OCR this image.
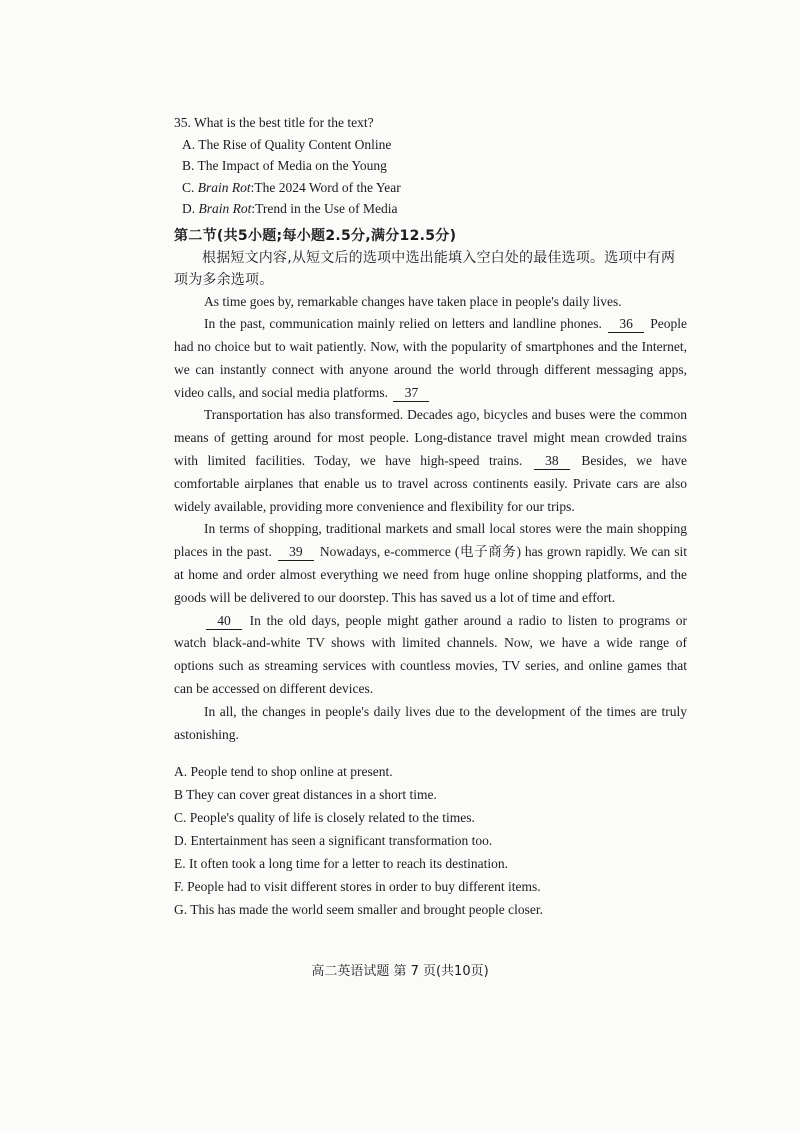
35. What is the best title for the text?

A. The Rise of Quality Content Online

B. The Impact of Media on the Young

C. Brain Rot:The 2024 Word of the Year

D. Brain Rot:Trend in the Use of Media

第二节(共5小题;每小题2.5分,满分12.5分)

根据短文内容,从短文后的选项中选出能填入空白处的最佳选项。选项中有两项为多余选项。

As time goes by, remarkable changes have taken place in people's daily lives.

In the past, communication mainly relied on letters and landline phones. 36 People had no choice but to wait patiently. Now, with the popularity of smartphones and the Internet, we can instantly connect with anyone around the world through different messaging apps, video calls, and social media platforms. 37

Transportation has also transformed. Decades ago, bicycles and buses were the common means of getting around for most people. Long-distance travel might mean crowded trains with limited facilities. Today, we have high-speed trains. 38 Besides, we have comfortable airplanes that enable us to travel across continents easily. Private cars are also widely available, providing more convenience and flexibility for our trips.

In terms of shopping, traditional markets and small local stores were the main shopping places in the past. 39 Nowadays, e-commerce (电子商务) has grown rapidly. We can sit at home and order almost everything we need from huge online shopping platforms, and the goods will be delivered to our doorstep. This has saved us a lot of time and effort.

40 In the old days, people might gather around a radio to listen to programs or watch black-and-white TV shows with limited channels. Now, we have a wide range of options such as streaming services with countless movies, TV series, and online games that can be accessed on different devices.

In all, the changes in people's daily lives due to the development of the times are truly astonishing.

A. People tend to shop online at present.

B They can cover great distances in a short time.

C. People's quality of life is closely related to the times.

D. Entertainment has seen a significant transformation too.

E. It often took a long time for a letter to reach its destination.

F. People had to visit different stores in order to buy different items.

G. This has made the world seem smaller and brought people closer.

高二英语试题 第 7 页(共10页)
